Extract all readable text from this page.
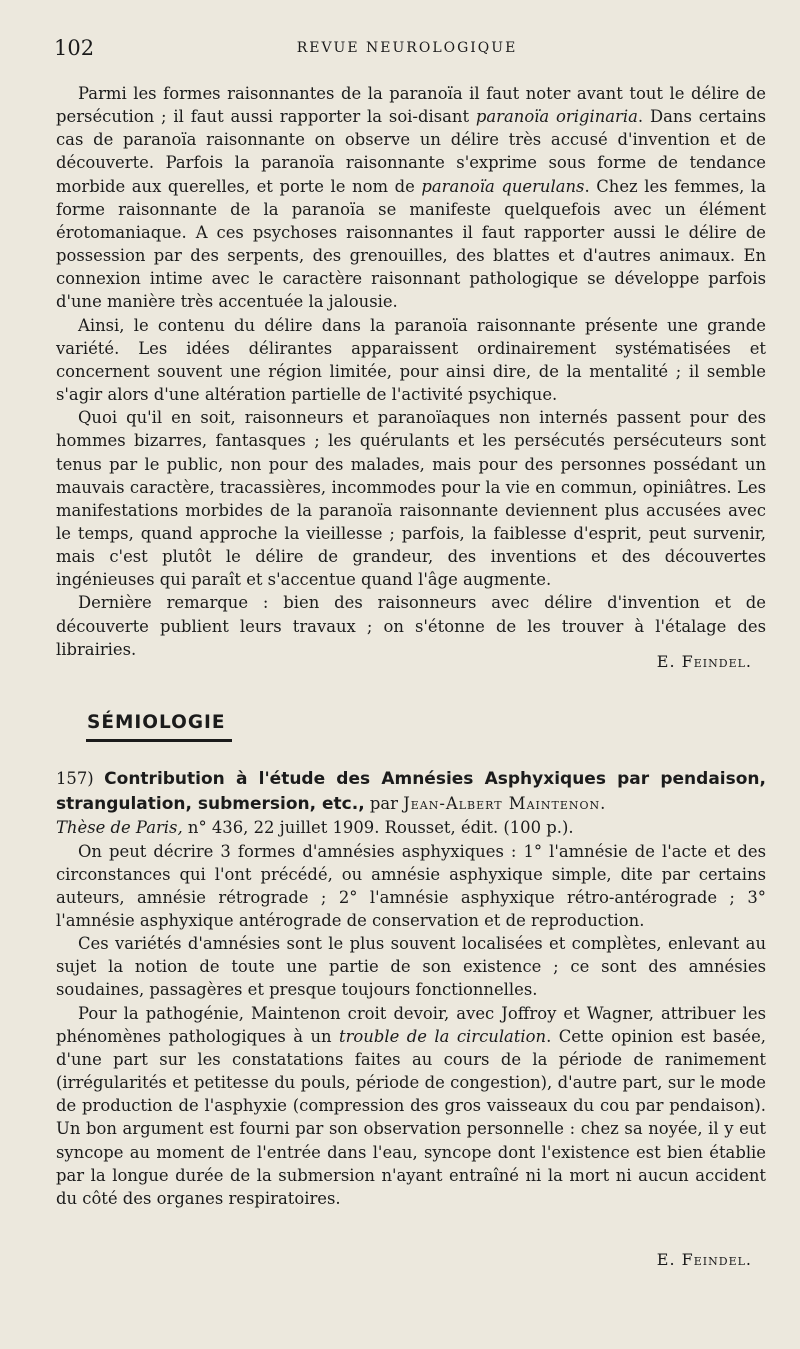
102	REVUE NEUROLOGIQUE

Parmi les formes raisonnantes de la paranoïa il faut noter avant tout le délire de persécution ; il faut aussi rapporter la soi-disant paranoïa originaria. Dans certains cas de paranoïa raisonnante on observe un délire très accusé d'invention et de découverte. Parfois la paranoïa raisonnante s'exprime sous forme de tendance morbide aux querelles, et porte le nom de paranoïa querulans. Chez les femmes, la forme raisonnante de la paranoïa se manifeste quelquefois avec un élément érotomaniaque. A ces psychoses raisonnantes il faut rapporter aussi le délire de possession par des serpents, des grenouilles, des blattes et d'autres animaux. En connexion intime avec le caractère raisonnant pathologique se développe parfois d'une manière très accentuée la jalousie.

Ainsi, le contenu du délire dans la paranoïa raisonnante présente une grande variété. Les idées délirantes apparaissent ordinairement systématisées et concernent souvent une région limitée, pour ainsi dire, de la mentalité ; il semble s'agir alors d'une altération partielle de l'activité psychique.

Quoi qu'il en soit, raisonneurs et paranoïaques non internés passent pour des hommes bizarres, fantasques ; les quérulants et les persécutés persécuteurs sont tenus par le public, non pour des malades, mais pour des personnes possédant un mauvais caractère, tracassières, incommodes pour la vie en commun, opiniâtres. Les manifestations morbides de la paranoïa raisonnante deviennent plus accusées avec le temps, quand approche la vieillesse ; parfois, la faiblesse d'esprit, peut survenir, mais c'est plutôt le délire de grandeur, des inventions et des découvertes ingénieuses qui paraît et s'accentue quand l'âge augmente.

Dernière remarque : bien des raisonneurs avec délire d'invention et de découverte publient leurs travaux ; on s'étonne de les trouver à l'étalage des librairies.

E. Feindel.
SÉMIOLOGIE
157) Contribution à l'étude des Amnésies Asphyxiques par pendaison, strangulation, submersion, etc., par Jean-Albert Maintenon.
Thèse de Paris, n° 436, 22 juillet 1909. Rousset, édit. (100 p.).

On peut décrire 3 formes d'amnésies asphyxiques : 1° l'amnésie de l'acte et des circonstances qui l'ont précédé, ou amnésie asphyxique simple, dite par certains auteurs, amnésie rétrograde ; 2° l'amnésie asphyxique rétro-antérograde ; 3° l'amnésie asphyxique antérograde de conservation et de reproduction.

Ces variétés d'amnésies sont le plus souvent localisées et complètes, enlevant au sujet la notion de toute une partie de son existence ; ce sont des amnésies soudaines, passagères et presque toujours fonctionnelles.

Pour la pathogénie, Maintenon croit devoir, avec Joffroy et Wagner, attribuer les phénomènes pathologiques à un trouble de la circulation. Cette opinion est basée, d'une part sur les constatations faites au cours de la période de ranimement (irrégularités et petitesse du pouls, période de congestion), d'autre part, sur le mode de production de l'asphyxie (compression des gros vaisseaux du cou par pendaison). Un bon argument est fourni par son observation personnelle : chez sa noyée, il y eut syncope au moment de l'entrée dans l'eau, syncope dont l'existence est bien établie par la longue durée de la submersion n'ayant entraîné ni la mort ni aucun accident du côté des organes respiratoires.

E. Feindel.
